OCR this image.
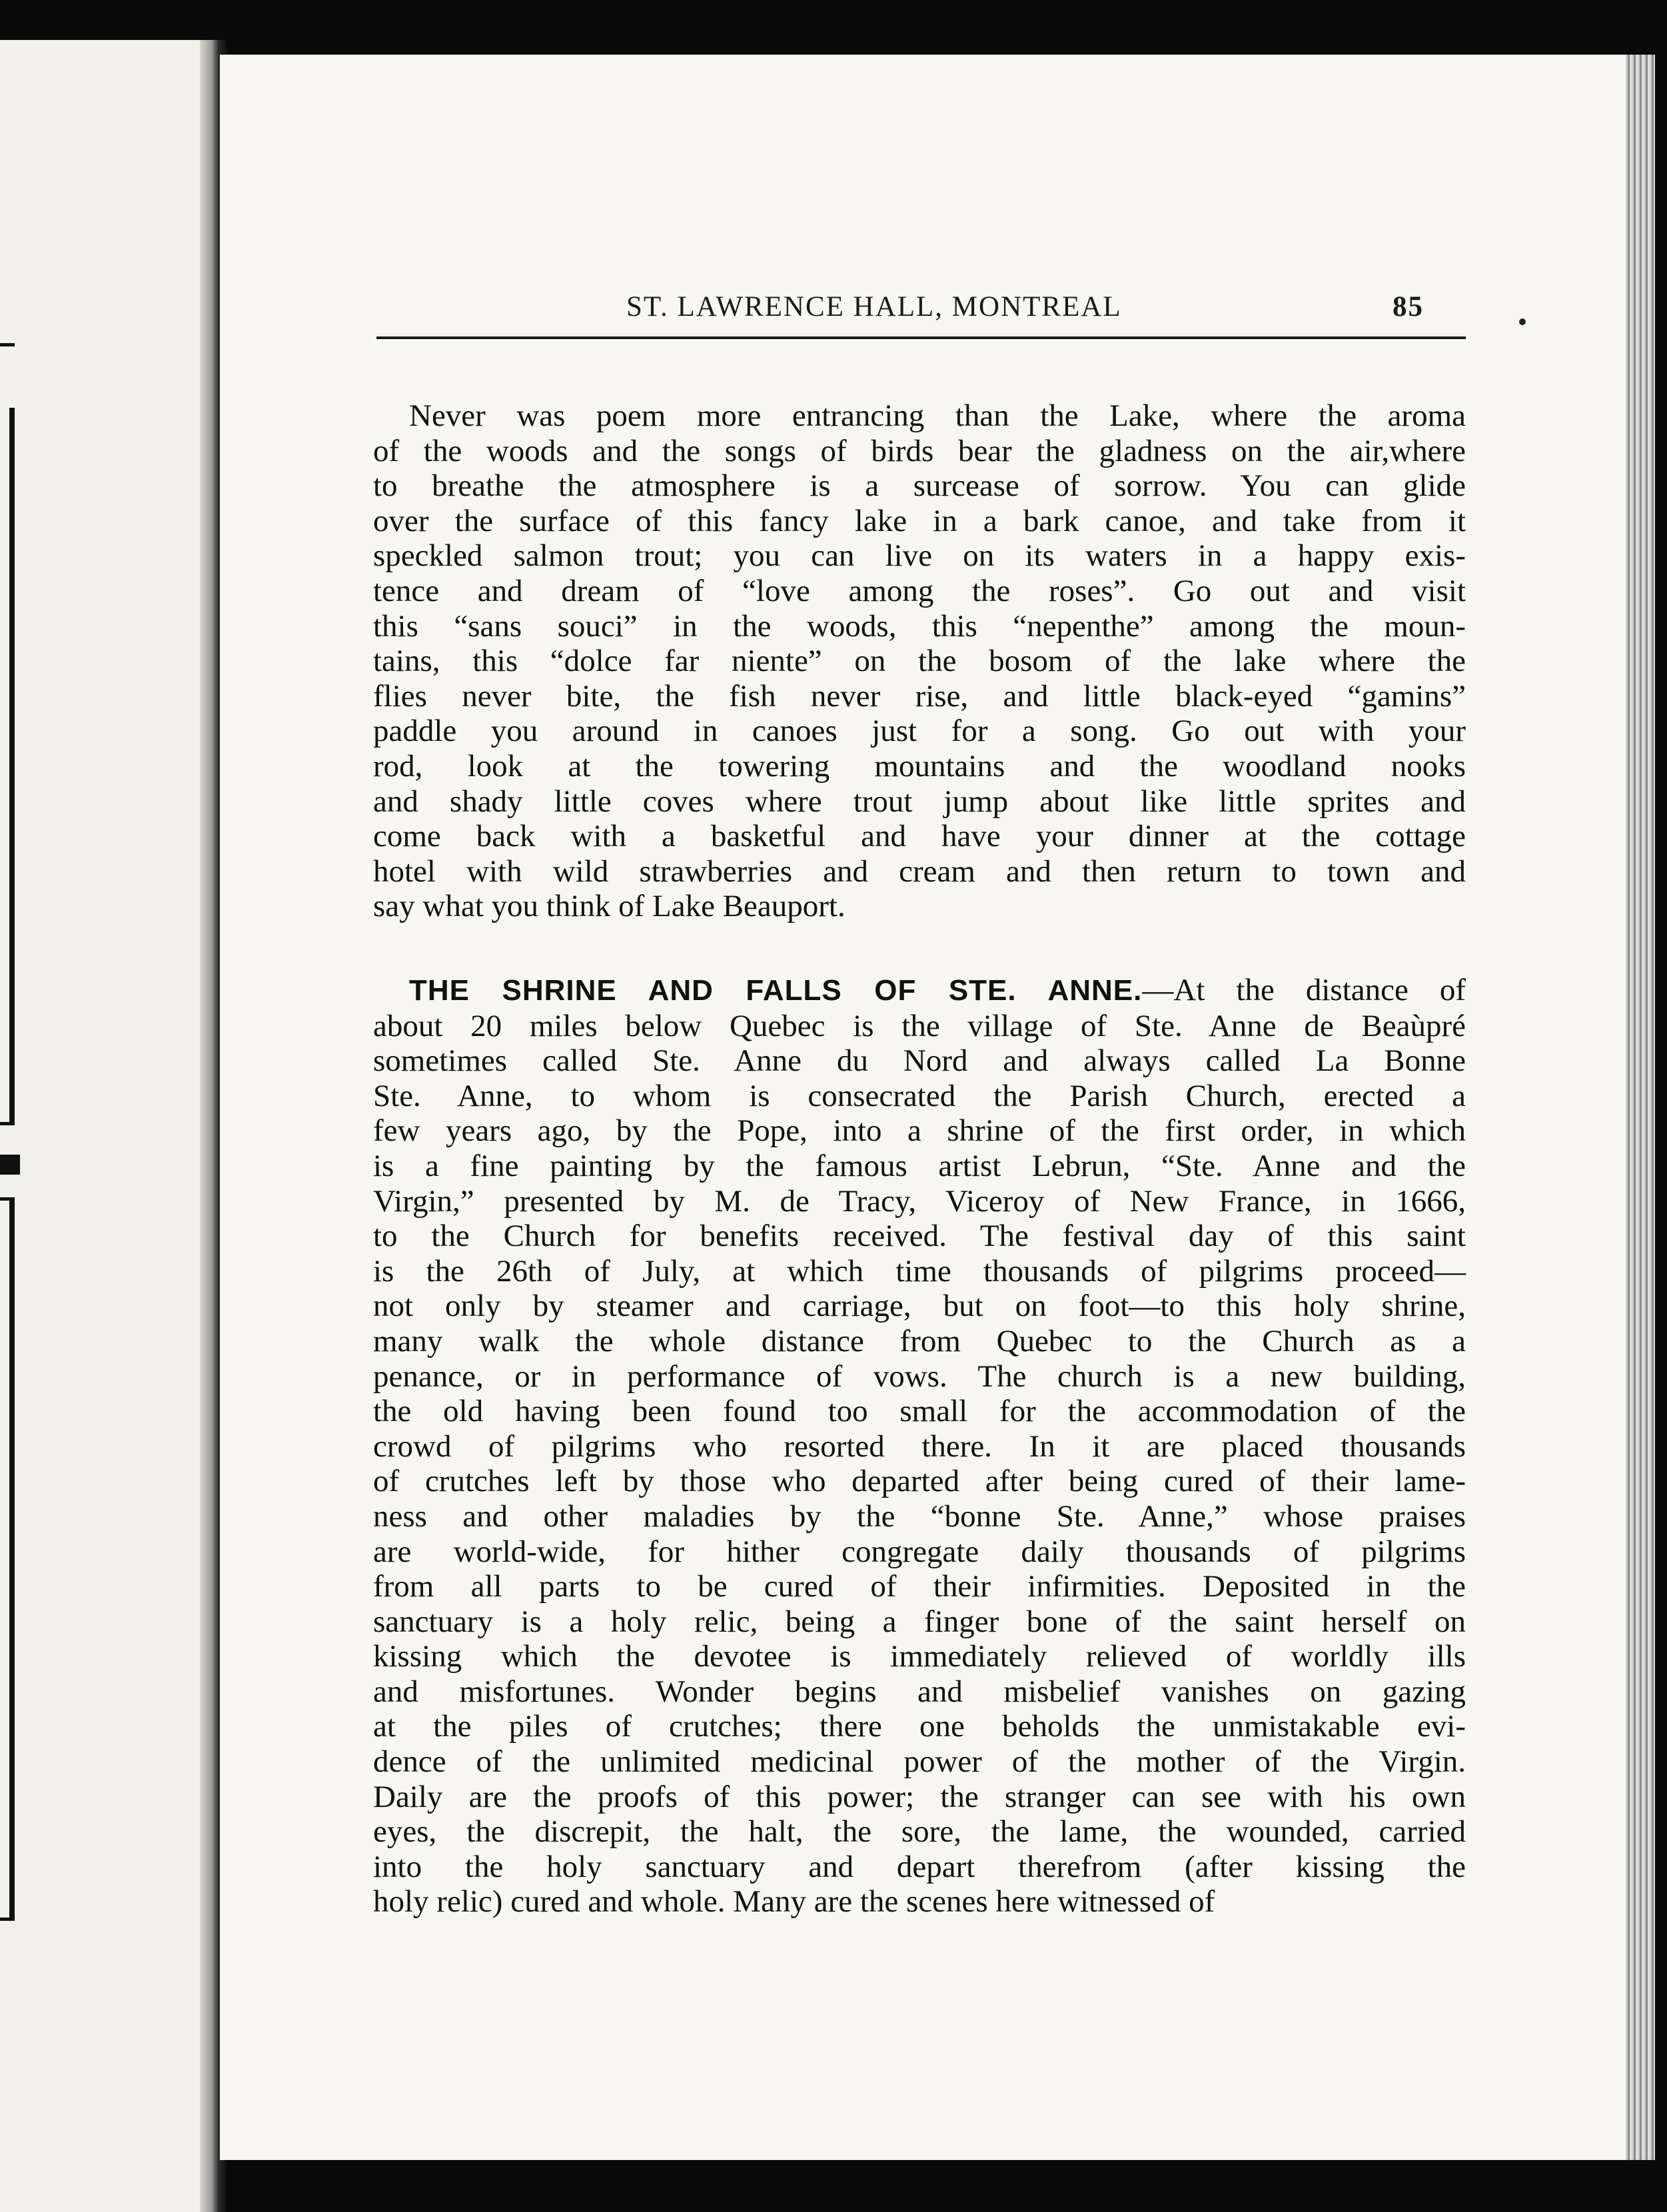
ST. LAWRENCE HALL, MONTREAL	85
Never was poem more entrancing than the Lake, where the aroma
of the woods and the songs of birds bear the gladness on the air,where
to breathe the atmosphere is a surcease of sorrow. You can glide
over the surface of this fancy lake in a bark canoe, and take from it
speckled salmon trout; you can live on its waters in a happy exis-
tence and dream of “love among the roses”. Go out and visit
this “sans souci” in the woods, this “nepenthe” among the moun-
tains, this “dolce far niente” on the bosom of the lake where the
flies never bite, the fish never rise, and little black-eyed “gamins”
paddle you around in canoes just for a song. Go out with your
rod, look at the towering mountains and the woodland nooks
and shady little coves where trout jump about like little sprites and
come back with a basketful and have your dinner at the cottage
hotel with wild strawberries and cream and then return to town and
say what you think of Lake Beauport.
THE SHRINE AND FALLS OF STE. ANNE.—At the distance of
about 20 miles below Quebec is the village of Ste. Anne de Beaùpré
sometimes called Ste. Anne du Nord and always called La Bonne
Ste. Anne, to whom is consecrated the Parish Church, erected a
few years ago, by the Pope, into a shrine of the first order, in which
is a fine painting by the famous artist Lebrun, “Ste. Anne and the
Virgin,” presented by M. de Tracy, Viceroy of New France, in 1666,
to the Church for benefits received. The festival day of this saint
is the 26th of July, at which time thousands of pilgrims proceed—
not only by steamer and carriage, but on foot—to this holy shrine,
many walk the whole distance from Quebec to the Church as a
penance, or in performance of vows. The church is a new building,
the old having been found too small for the accommodation of the
crowd of pilgrims who resorted there. In it are placed thousands
of crutches left by those who departed after being cured of their lame-
ness and other maladies by the “bonne Ste. Anne,” whose praises
are world-wide, for hither congregate daily thousands of pilgrims
from all parts to be cured of their infirmities. Deposited in the
sanctuary is a holy relic, being a finger bone of the saint herself on
kissing which the devotee is immediately relieved of worldly ills
and misfortunes. Wonder begins and misbelief vanishes on gazing
at the piles of crutches; there one beholds the unmistakable evi-
dence of the unlimited medicinal power of the mother of the Virgin.
Daily are the proofs of this power; the stranger can see with his own
eyes, the discrepit, the halt, the sore, the lame, the wounded, carried
into the holy sanctuary and depart therefrom (after kissing the
holy relic) cured and whole. Many are the scenes here witnessed of
